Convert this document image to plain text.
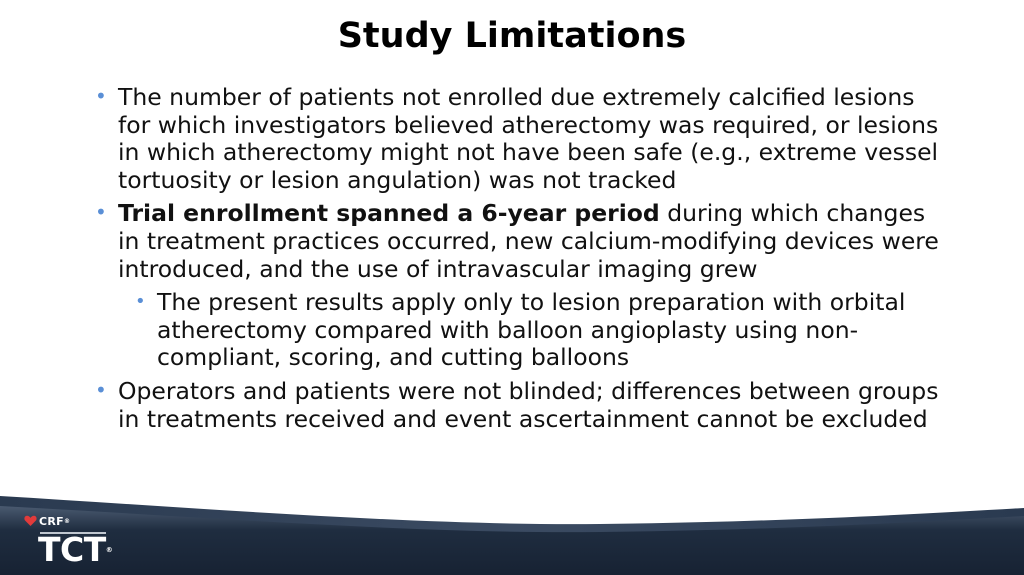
Study Limitations
• The number of patients not enrolled due extremely calcified lesions for which investigators believed atherectomy was required, or lesions in which atherectomy might not have been safe (e.g., extreme vessel tortuosity or lesion angulation) was not tracked
• Trial enrollment spanned a 6-year period during which changes in treatment practices occurred, new calcium-modifying devices were introduced, and the use of intravascular imaging grew
• The present results apply only to lesion preparation with orbital atherectomy compared with balloon angioplasty using non-compliant, scoring, and cutting balloons
• Operators and patients were not blinded; differences between groups in treatments received and event ascertainment cannot be excluded
CRF ®
TCT®
